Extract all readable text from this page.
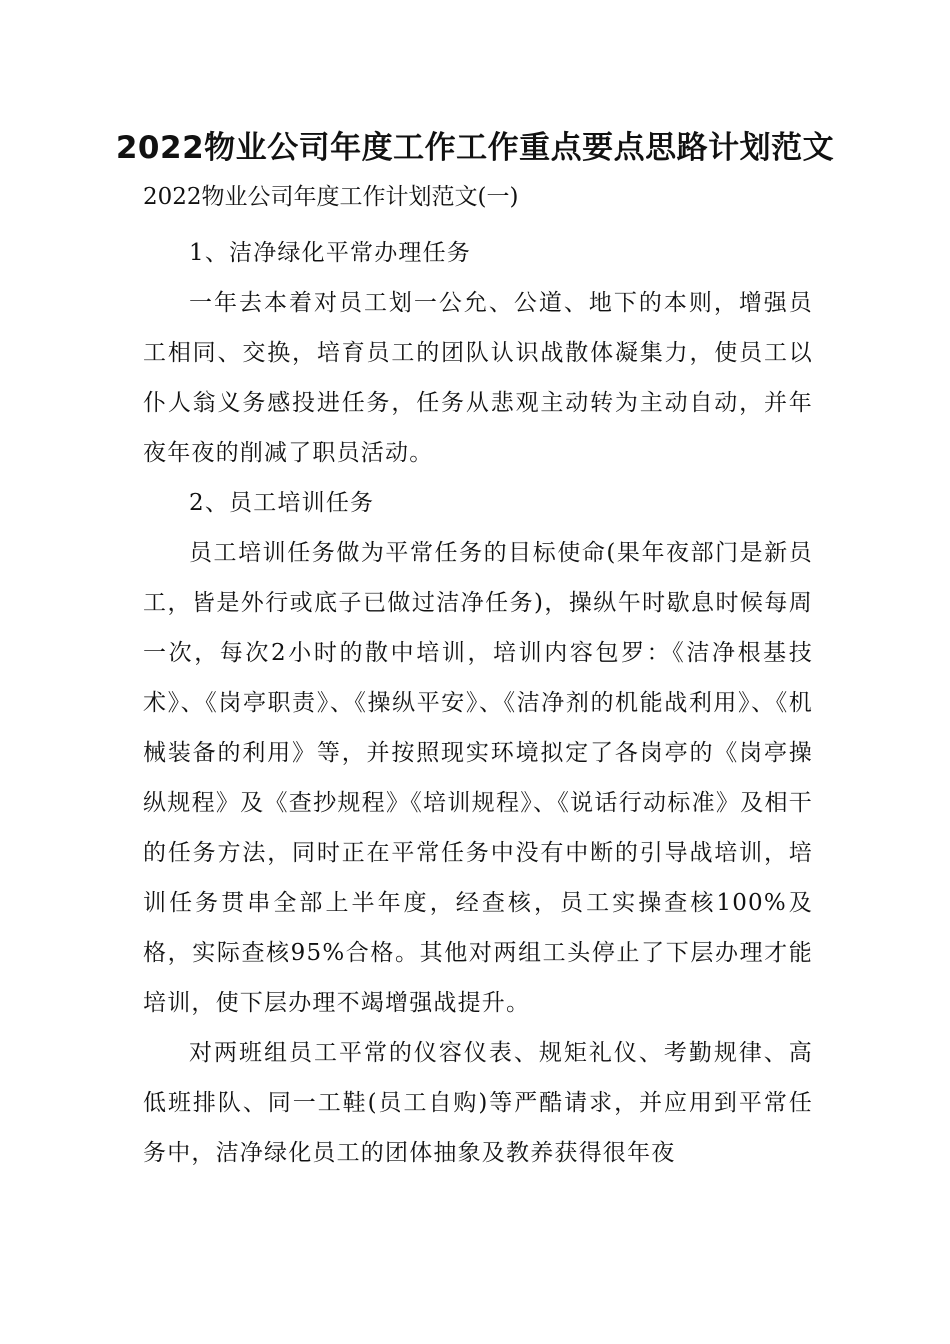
2022物业公司年度工作工作重点要点思路计划范文
2022物业公司年度工作计划范文(一)

1、洁净绿化平常办理任务

一年去本着对员工划一公允、公道、地下的本则，增强员工相同、交换，培育员工的团队认识战散体凝集力，使员工以仆人翁义务感投进任务，任务从悲观主动转为主动自动，并年夜年夜的削减了职员活动。

2、员工培训任务

员工培训任务做为平常任务的目标使命(果年夜部门是新员工，皆是外行或底子已做过洁净任务)，操纵午时歇息时候每周一次，每次2小时的散中培训，培训内容包罗：《洁净根基技术》、《岗亭职责》、《操纵平安》、《洁净剂的机能战利用》、《机械装备的利用》等，并按照现实环境拟定了各岗亭的《岗亭操纵规程》及《查抄规程》《培训规程》、《说话行动标准》及相干的任务方法，同时正在平常任务中没有中断的引导战培训，培训任务贯串全部上半年度，经查核，员工实操查核100%及格，实际查核95%合格。其他对两组工头停止了下层办理才能培训，使下层办理不竭增强战提升。

对两班组员工平常的仪容仪表、规矩礼仪、考勤规律、高低班排队、同一工鞋(员工自购)等严酷请求，并应用到平常任务中，洁净绿化员工的团体抽象及教养获得很年夜
